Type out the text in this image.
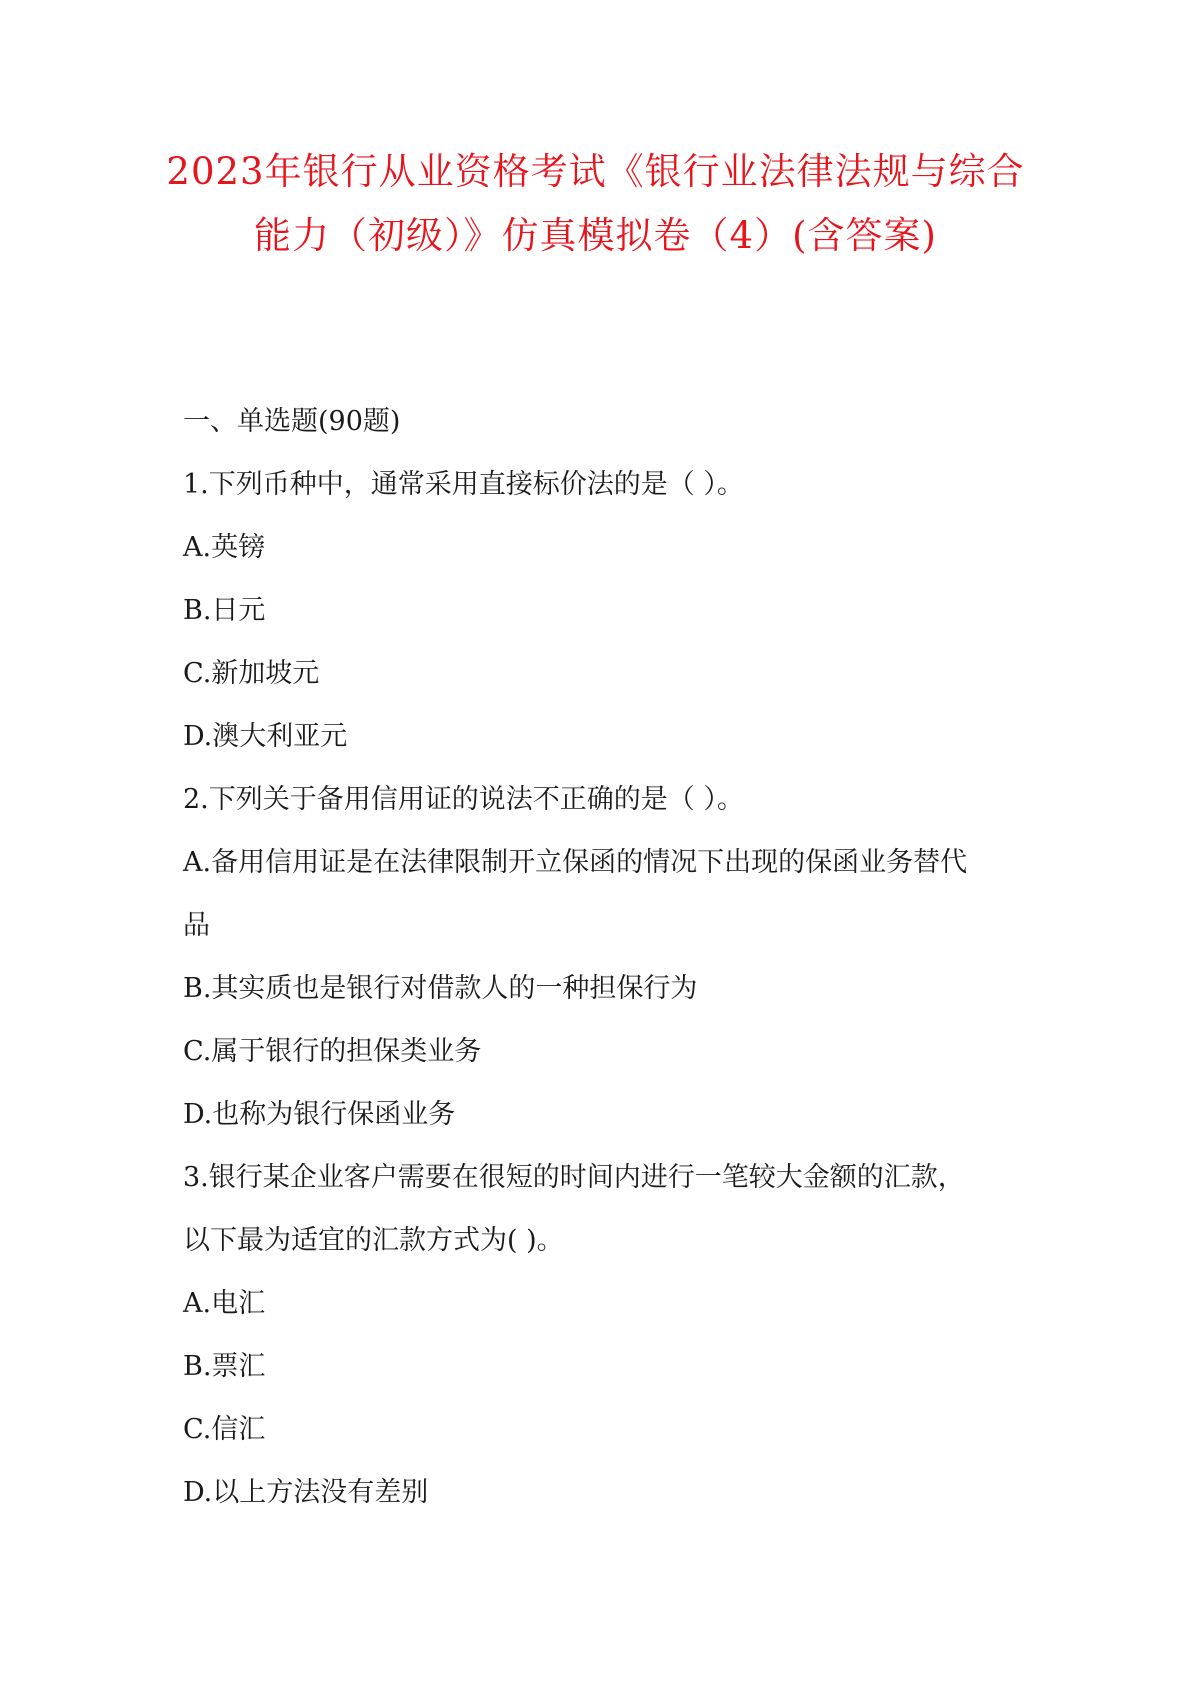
2023年银行从业资格考试《银行业法律法规与综合
能力（初级）》仿真模拟卷（4）(含答案)
一、单选题(90题)
1.下列币种中，通常采用直接标价法的是（ ）。
A.英镑
B.日元
C.新加坡元
D.澳大利亚元
2.下列关于备用信用证的说法不正确的是（ ）。
A.备用信用证是在法律限制开立保函的情况下出现的保函业务替代
品
B.其实质也是银行对借款人的一种担保行为
C.属于银行的担保类业务
D.也称为银行保函业务
3.银行某企业客户需要在很短的时间内进行一笔较大金额的汇款，
以下最为适宜的汇款方式为( )。
A.电汇
B.票汇
C.信汇
D.以上方法没有差别
